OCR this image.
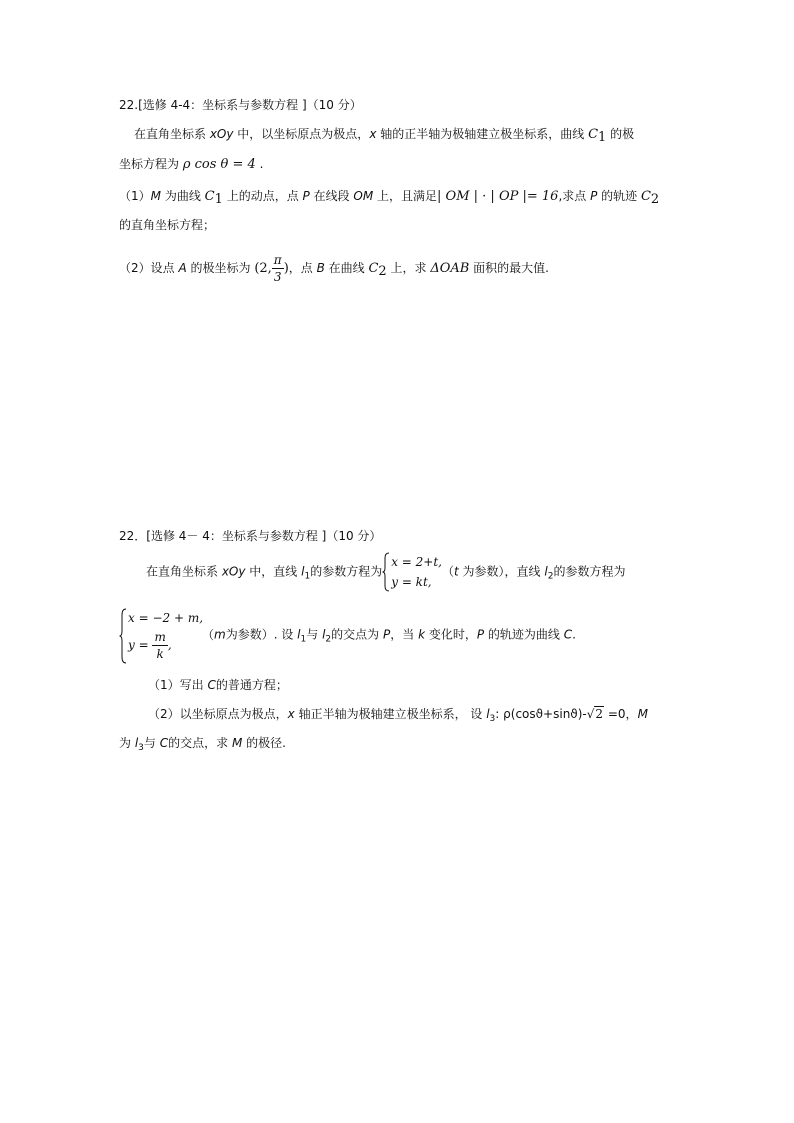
22.[选修 4-4：坐标系与参数方程 ]（10 分）
在直角坐标系 xOy 中，以坐标原点为极点，x 轴的正半轴为极轴建立极坐标系，曲线 $C_1$ 的极
坐标方程为 ρ cos θ = 4 .
（1）M 为曲线 $C_1$ 上的动点，点 P 在线段 OM 上，且满足| OM | · | OP |= 16,求点 P 的轨迹 $C_2$
的直角坐标方程；
（2）设点 A 的极坐标为 (2, $\frac{\pi}{3}$ )，点 B 在曲线 $C_2$ 上，求 ΔOAB 面积的最大值.
22．[选修 4－ 4：坐标系与参数方程 ]（10 分）
在直角坐标系 xOy 中，直线 $l_1$的参数方程为
x = 2+t,
y = kt,
（t 为参数），直线 $l_2$的参数方程为
x = −2 + m,
$y = \frac{m}{k}$ ,
（m为参数）. 设 $l_1$与 $l_2$的交点为 P，当 k 变化时，P 的轨迹为曲线 C.
（1）写出 C的普通方程；
（2）以坐标原点为极点，x 轴正半轴为极轴建立极坐标系， 设 $l_3$: ρ(cosϑ+sinϑ)-√2 =0，M
为 $l_3$与 C的交点，求 M 的极径.
